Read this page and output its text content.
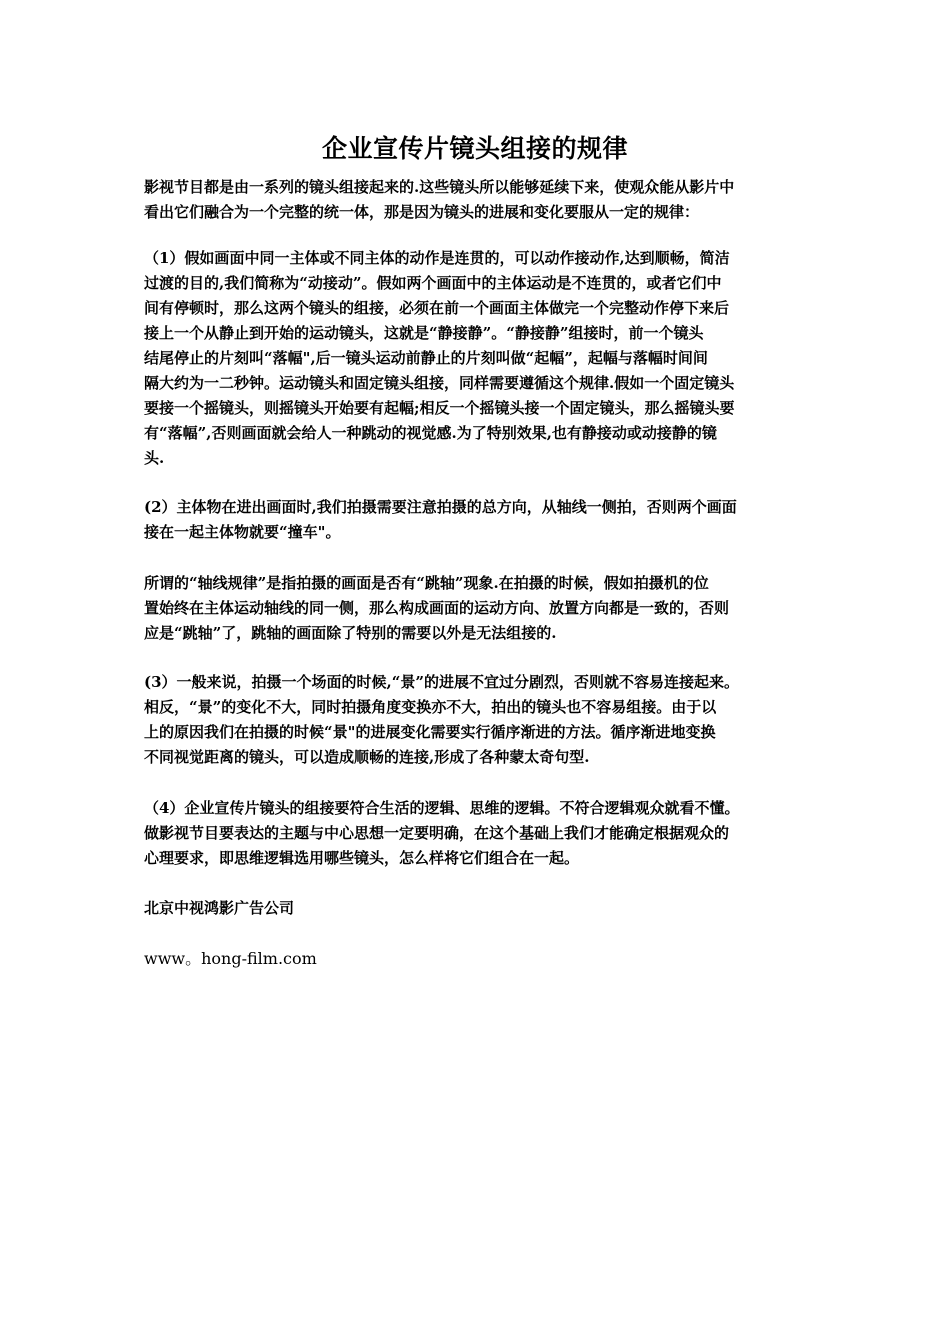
企业宣传片镜头组接的规律

影视节目都是由一系列的镜头组接起来的.这些镜头所以能够延续下来，使观众能从影片中
看出它们融合为一个完整的统一体，那是因为镜头的进展和变化要服从一定的规律：

（1）假如画面中同一主体或不同主体的动作是连贯的，可以动作接动作,达到顺畅，简洁
过渡的目的,我们简称为“动接动”。假如两个画面中的主体运动是不连贯的，或者它们中
间有停顿时，那么这两个镜头的组接，必须在前一个画面主体做完一个完整动作停下来后
接上一个从静止到开始的运动镜头，这就是“静接静”。“静接静”组接时，前一个镜头
结尾停止的片刻叫“落幅",后一镜头运动前静止的片刻叫做“起幅”，起幅与落幅时间间
隔大约为一二秒钟。运动镜头和固定镜头组接，同样需要遵循这个规律.假如一个固定镜头
要接一个摇镜头，则摇镜头开始要有起幅;相反一个摇镜头接一个固定镜头，那么摇镜头要
有“落幅”,否则画面就会给人一种跳动的视觉感.为了特别效果,也有静接动或动接静的镜
头.

(2）主体物在进出画面时,我们拍摄需要注意拍摄的总方向，从轴线一侧拍，否则两个画面
接在一起主体物就要“撞车"。

所谓的“轴线规律”是指拍摄的画面是否有“跳轴”现象.在拍摄的时候，假如拍摄机的位
置始终在主体运动轴线的同一侧，那么构成画面的运动方向、放置方向都是一致的，否则
应是“跳轴”了，跳轴的画面除了特别的需要以外是无法组接的.

(3）一般来说，拍摄一个场面的时候,“景”的进展不宜过分剧烈，否则就不容易连接起来。
相反，“景”的变化不大，同时拍摄角度变换亦不大，拍出的镜头也不容易组接。由于以
上的原因我们在拍摄的时候“景"的进展变化需要实行循序渐进的方法。循序渐进地变换
不同视觉距离的镜头，可以造成顺畅的连接,形成了各种蒙太奇句型.

（4）企业宣传片镜头的组接要符合生活的逻辑、思维的逻辑。不符合逻辑观众就看不懂。
做影视节目要表达的主题与中心思想一定要明确，在这个基础上我们才能确定根据观众的
心理要求，即思维逻辑选用哪些镜头，怎么样将它们组合在一起。

北京中视鸿影广告公司

www。hong-film.com
